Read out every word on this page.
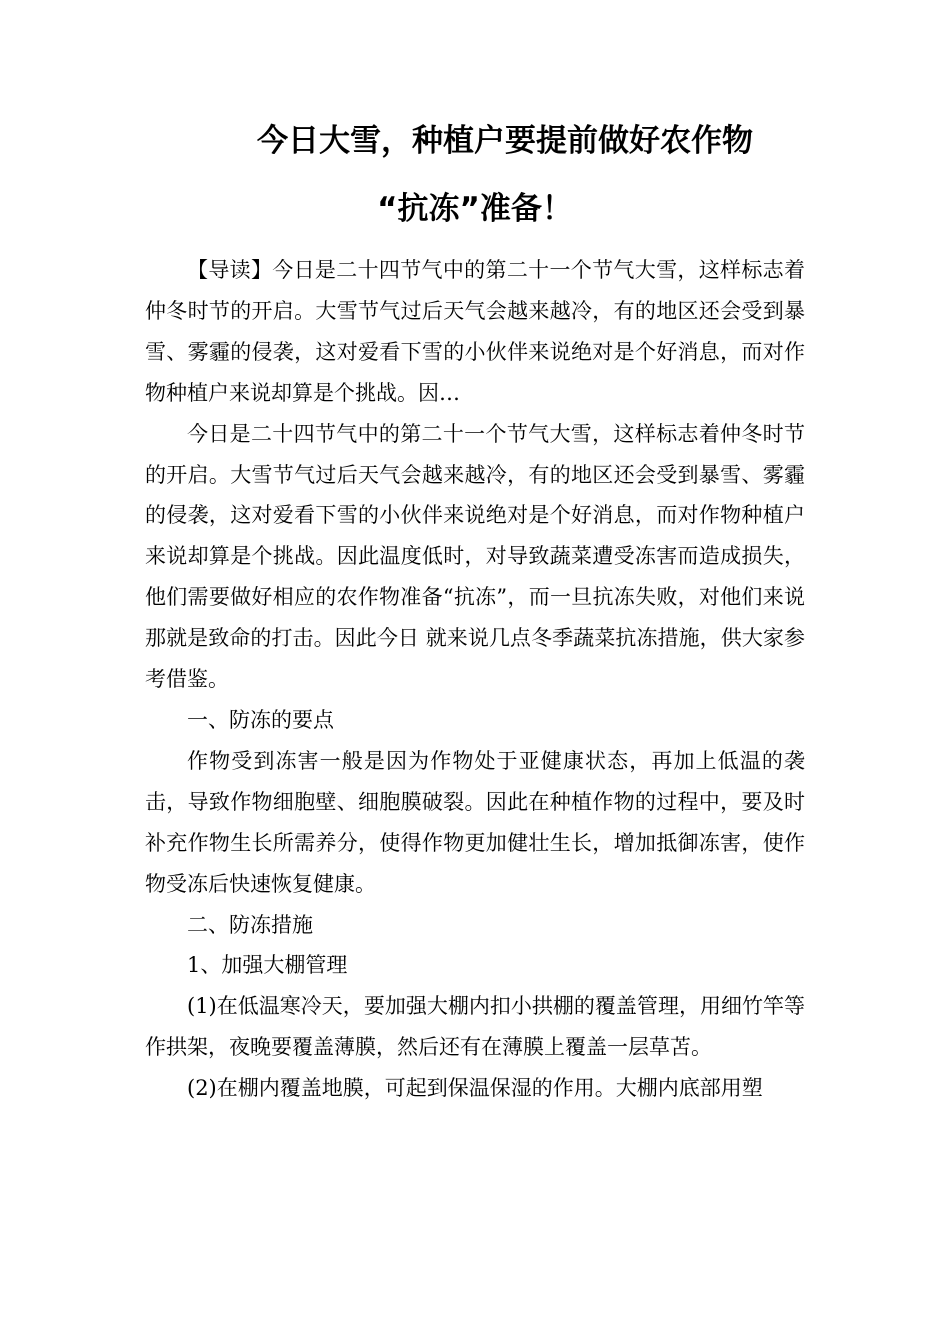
今日大雪，种植户要提前做好农作物
“抗冻”准备！

【导读】今日是二十四节气中的第二十一个节气大雪，这样标志着仲冬时节的开启。大雪节气过后天气会越来越冷，有的地区还会受到暴雪、雾霾的侵袭，这对爱看下雪的小伙伴来说绝对是个好消息，而对作物种植户来说却算是个挑战。因…

今日是二十四节气中的第二十一个节气大雪，这样标志着仲冬时节的开启。大雪节气过后天气会越来越冷，有的地区还会受到暴雪、雾霾的侵袭，这对爱看下雪的小伙伴来说绝对是个好消息，而对作物种植户来说却算是个挑战。因此温度低时，对导致蔬菜遭受冻害而造成损失，他们需要做好相应的农作物准备“抗冻”，而一旦抗冻失败，对他们来说那就是致命的打击。因此今日 就来说几点冬季蔬菜抗冻措施，供大家参考借鉴。

一、防冻的要点

作物受到冻害一般是因为作物处于亚健康状态，再加上低温的袭击，导致作物细胞壁、细胞膜破裂。因此在种植作物的过程中，要及时补充作物生长所需养分，使得作物更加健壮生长，增加抵御冻害，使作物受冻后快速恢复健康。

二、防冻措施

1、加强大棚管理

(1)在低温寒冷天，要加强大棚内扣小拱棚的覆盖管理，用细竹竿等作拱架，夜晚要覆盖薄膜，然后还有在薄膜上覆盖一层草苫。

(2)在棚内覆盖地膜，可起到保温保湿的作用。大棚内底部用塑
